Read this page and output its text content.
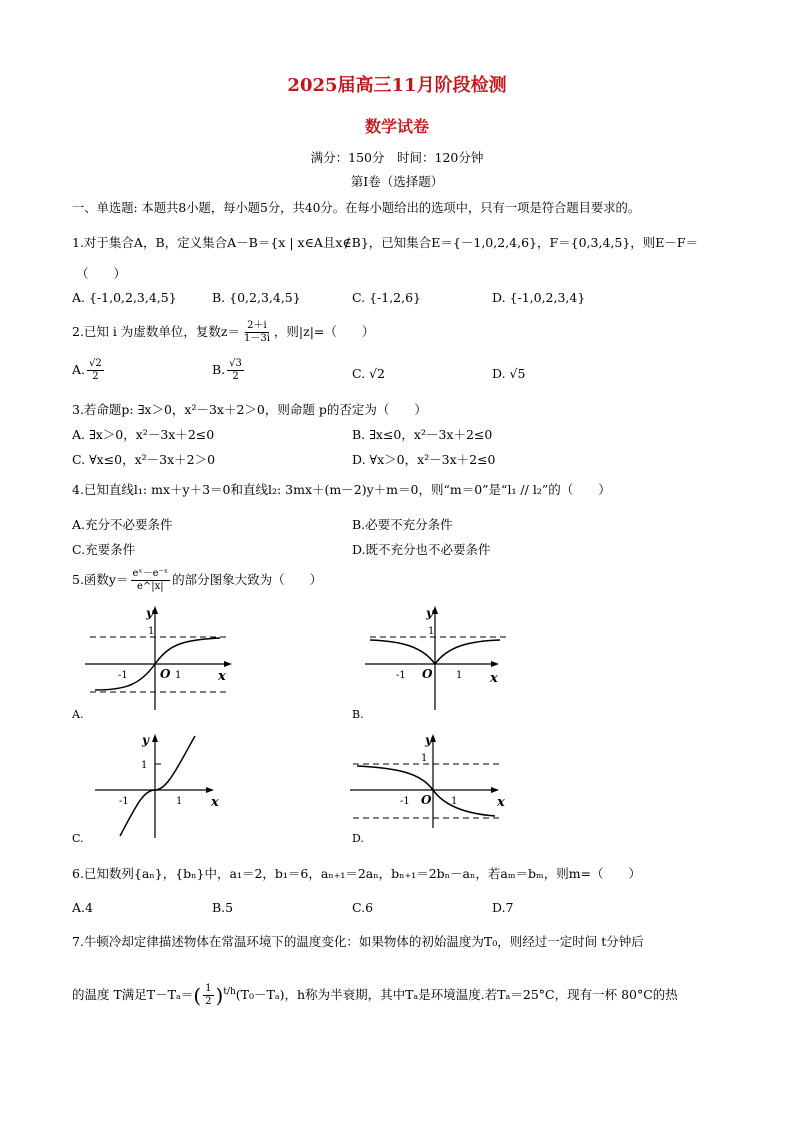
2025届高三11月阶段检测
数学试卷
满分：150分　时间：120分钟
第Ⅰ卷（选择题）
一、单选题: 本题共8小题，每小题5分，共40分。在每小题给出的选项中，只有一项是符合题目要求的。
1.对于集合A，B，定义集合A－B＝{x | x∈A且x∉B}，已知集合E＝{－1,0,2,4,6}，F＝{0,3,4,5}，则E－F＝
（　　）
A. {-1,0,2,3,4,5}	B. {0,2,3,4,5}	C. {-1,2,6}	D. {-1,0,2,3,4}
2.已知 i 为虚数单位，复数$z= \frac{2+i}{1-3i}$ ，则|z|=（　　）
A. $\frac{√2}{2}$	B. $\frac{√3}{2}$	C. √2	D. √5
3.若命题p: ∃x＞0，x²－3x＋2＞0，则命题 p的否定为（　　）
A. ∃x＞0，x²－3x＋2≤0	B. ∃x≤0，x²－3x＋2≤0
C. ∀x≤0，x²－3x＋2＞0	D. ∀x＞0，x²－3x＋2≤0
4.已知直线l₁: mx＋y＋3＝0和直线l₂: 3mx＋(m－2)y＋m＝0，则“m＝0”是“l₁ // l₂”的（　　）
A.充分不必要条件	B.必要不充分条件
C.充要条件	D.既不充分也不必要条件
5.函数$y= \frac{\text{eˣ－e⁻ˣ}}{e\^{}|x|}$ 的部分图象大致为（　　）
y
x
O
1
-1	1
A.
y
x
O
1
-1	1
B.
y
x
1
-1	1
C.
y
x
O
1
-1	1
D.
6.已知数列{aₙ}，{bₙ}中，a₁＝2，b₁＝6，aₙ₊₁＝2aₙ，bₙ₊₁＝2bₙ－aₙ，若aₘ＝bₘ，则m=（　　）
A.4	B.5	C.6	D.7
7.牛顿冷却定律描述物体在常温环境下的温度变化：如果物体的初始温度为T₀，则经过一定时间 t分钟后
的温度 T满足$T-T_a=( \frac{1}{2} )^{t/h}(T_0-T_a)$，h称为半衰期，其中Tₐ是环境温度.若Tₐ＝25°C，现有一杯 80°C的热
